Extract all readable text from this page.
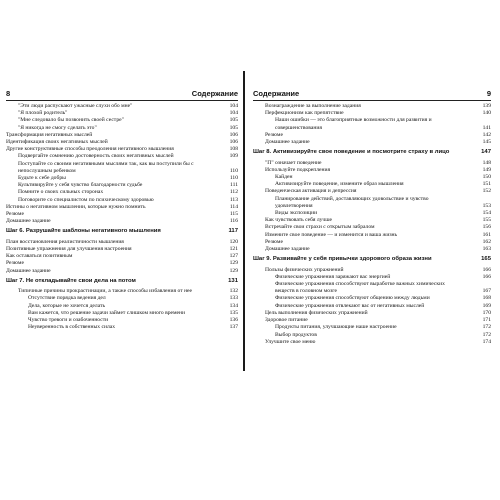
8	Содержание
"Эти люди распускают ужасные слухи обо мне"	104
"Я плохой родитель"	104
"Мне следовало бы позвонить своей сестре"	105
"Я никогда не смогу сделать это"	105
Трансформация негативных мыслей	106
Идентификация своих негативных мыслей	106
Другие конструктивные способы преодоления негативного мышления	108
Подвергайте сомнению достоверность своих негативных мыслей	109
Поступайте со своими негативными мыслями так, как вы поступили бы с непослушным ребенком	110
Будьте к себе добры	110
Культивируйте у себя чувство благодарности судьбе	111
Помните о своих сильных сторонах	112
Поговорите со специалистом по психическому здоровью	113
Истины о негативном мышлении, которые нужно помнить	114
Резюме	115
Домашнее задание	116
Шаг 6. Разрушайте шаблоны негативного мышления	117
План восстановления реалистичности мышления	120
Позитивные упражнения для улучшения настроения	121
Как оставаться позитивным	127
Резюме	129
Домашнее задание	129
Шаг 7. Не откладывайте свои дела на потом	131
Типичные причины прокрастинации, а также способы избавления от нее	132
Отсутствие порядка ведения дел	133
Дела, которые не хочется делать	134
Вам кажется, что решение задачи займет слишком много времени	135
Чувство тревоги и озабоченности	136
Неуверенность в собственных силах	137
Содержание	9
Вознаграждение за выполнение задания	139
Перфекционизм как препятствие	140
Наши ошибки — это благоприятные возможности для развития и совершенствования	141
Резюме	142
Домашнее задание	145
Шаг 8. Активизируйте свое поведение и посмотрите страху в лицо	147
"П" означает поведение	148
Используйте подкрепления	149
Кайден	150
Активизируйте поведение, измените образ мышления	151
Поведенческая активация и депрессия	152
Планирование действий, доставляющих удовольствие и чувство удовлетворения	153
Виды экспозиции	154
Как чувствовать себя лучше	155
Встречайте свои страхи с открытым забралом	156
Измените свое поведение — и изменится и ваша жизнь	161
Резюме	162
Домашнее задание	163
Шаг 9. Развивайте у себя привычки здорового образа жизни	165
Пользы физических упражнений	166
Физические упражнения заряжают вас энергией	166
Физические упражнения способствуют выработке важных химических веществ в головном мозге	167
Физические упражнения способствуют общению между людьми	168
Физические упражнения отвлекают вас от негативных мыслей	169
Цель выполнения физических упражнений	170
Здоровое питание	171
Продукты питания, улучшающие наше настроение	172
Выбор продуктов	172
Улучшите свое меню	174
